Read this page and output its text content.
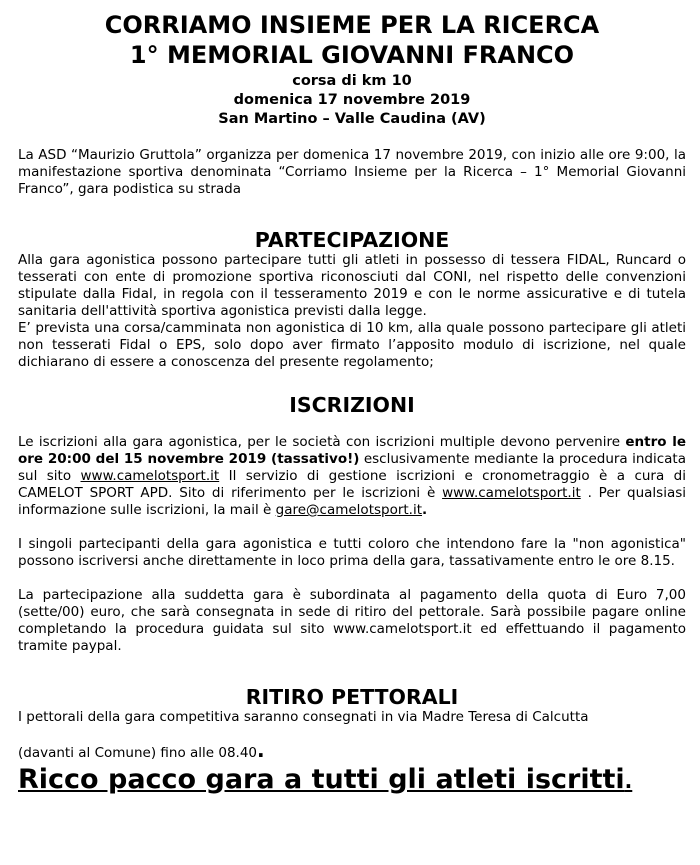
CORRIAMO INSIEME PER LA RICERCA

1° MEMORIAL GIOVANNI FRANCO

corsa di km 10

domenica 17 novembre 2019

San Martino – Valle Caudina (AV)

La ASD “Maurizio Gruttola” organizza per domenica 17 novembre 2019, con inizio alle ore 9:00, la manifestazione sportiva denominata “Corriamo Insieme per la Ricerca – 1° Memorial Giovanni Franco”, gara podistica su strada

PARTECIPAZIONE

Alla gara agonistica possono partecipare tutti gli atleti in possesso di tessera FIDAL, Runcard o tesserati con ente di promozione sportiva riconosciuti dal CONI, nel rispetto delle convenzioni stipulate dalla Fidal, in regola con il tesseramento 2019 e con le norme assicurative e di tutela sanitaria dell'attività sportiva agonistica previsti dalla legge.

E’ prevista una corsa/camminata non agonistica di 10 km, alla quale possono partecipare gli atleti non tesserati Fidal o EPS, solo dopo aver firmato l’apposito modulo di iscrizione, nel quale dichiarano di essere a conoscenza del presente regolamento;

ISCRIZIONI

Le iscrizioni alla gara agonistica, per le società con iscrizioni multiple devono pervenire entro le ore 20:00 del 15 novembre 2019 (tassativo!) esclusivamente mediante la procedura indicata sul sito www.camelotsport.it Il servizio di gestione iscrizioni e cronometraggio è a cura di CAMELOT SPORT APD. Sito di riferimento per le iscrizioni è www.camelotsport.it . Per qualsiasi informazione sulle iscrizioni, la mail è gare@camelotsport.it.

I singoli partecipanti della gara agonistica e tutti coloro che intendono fare la "non agonistica" possono iscriversi anche direttamente in loco prima della gara, tassativamente entro le ore 8.15.

La partecipazione alla suddetta gara è subordinata al pagamento della quota di Euro 7,00 (sette/00) euro, che sarà consegnata in sede di ritiro del pettorale. Sarà possibile pagare online completando la procedura guidata sul sito www.camelotsport.it ed effettuando il pagamento tramite paypal.

RITIRO PETTORALI

I pettorali della gara competitiva saranno consegnati in via Madre Teresa di Calcutta

(davanti al Comune) fino alle 08.40.

Ricco pacco gara a tutti gli atleti iscritti.
